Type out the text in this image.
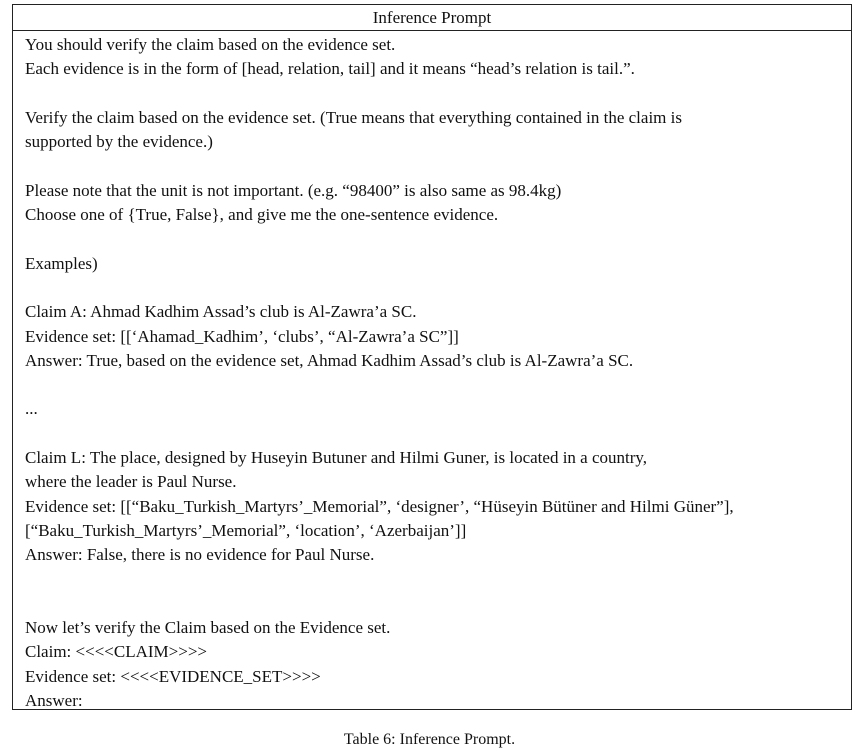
Inference Prompt
You should verify the claim based on the evidence set.
Each evidence is in the form of [head, relation, tail] and it means “head’s relation is tail.”.
Verify the claim based on the evidence set. (True means that everything contained in the claim is
supported by the evidence.)
Please note that the unit is not important. (e.g. “98400” is also same as 98.4kg)
Choose one of {True, False}, and give me the one-sentence evidence.
Examples)
Claim A: Ahmad Kadhim Assad’s club is Al-Zawra’a SC.
Evidence set: [[‘Ahamad_Kadhim’, ‘clubs’, “Al-Zawra’a SC”]]
Answer: True, based on the evidence set, Ahmad Kadhim Assad’s club is Al-Zawra’a SC.
...
Claim L: The place, designed by Huseyin Butuner and Hilmi Guner, is located in a country,
where the leader is Paul Nurse.
Evidence set: [[“Baku_Turkish_Martyrs’_Memorial”, ‘designer’, “Hüseyin Bütüner and Hilmi Güner”],
[“Baku_Turkish_Martyrs’_Memorial”, ‘location’, ‘Azerbaijan’]]
Answer: False, there is no evidence for Paul Nurse.
Now let’s verify the Claim based on the Evidence set.
Claim: <<<<CLAIM>>>>
Evidence set: <<<<EVIDENCE_SET>>>>
Answer:
Table 6: Inference Prompt.
